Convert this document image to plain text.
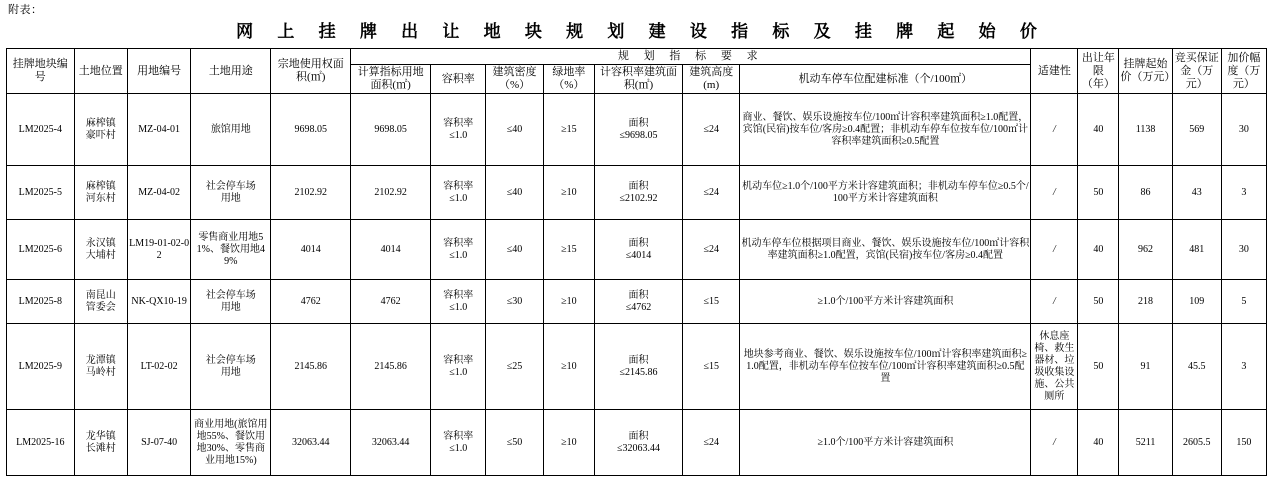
附表：
网 上 挂 牌 出 让 地 块 规 划 建 设 指 标 及 挂 牌 起 始 价
挂牌地块编号	土地位置	用地编号	土地用途	宗地使用权面积(㎡)	规 划 指 标 要 求							适建性	出让年限（年）	挂牌起始价（万元）	竞买保证金（万元）	加价幅度（万元）
					计算指标用地面积(㎡)	容积率	建筑密度（%）	绿地率（%）	计容积率建筑面积(㎡)	建筑高度(m)	机动车停车位配建标准（个/100㎡）					
LM2025-4	麻榨镇
豪吓村	MZ-04-01	旅馆用地	9698.05	9698.05	容积率
≤1.0	≤40	≥15	面积
≤9698.05	≤24	商业、餐饮、娱乐设施按车位/100㎡计容积率建筑面积≥1.0配置，宾馆(民宿)按车位/客房≥0.4配置；非机动车停车位按车位/100㎡计容积率建筑面积≥0.5配置	/	40	1138	569	30
LM2025-5	麻榨镇
河东村	MZ-04-02	社会停车场
用地	2102.92	2102.92	容积率
≤1.0	≤40	≥10	面积
≤2102.92	≤24	机动车位≥1.0个/100平方米计容建筑面积；非机动车停车位≥0.5个/100平方米计容建筑面积	/	50	86	43	3
LM2025-6	永汉镇
大埔村	LM19-01-02-02	零售商业用地51%、餐饮用地49%	4014	4014	容积率
≤1.0	≤40	≥15	面积
≤4014	≤24	机动车停车位根据项目商业、餐饮、娱乐设施按车位/100㎡计容积率建筑面积≥1.0配置，宾馆(民宿)按车位/客房≥0.4配置	/	40	962	481	30
LM2025-8	南昆山
管委会	NK-QX10-19	社会停车场
用地	4762	4762	容积率
≤1.0	≤30	≥10	面积
≤4762	≤15	≥1.0个/100平方米计容建筑面积	/	50	218	109	5
LM2025-9	龙潭镇
马岭村	LT-02-02	社会停车场
用地	2145.86	2145.86	容积率
≤1.0	≤25	≥10	面积
≤2145.86	≤15	地块参考商业、餐饮、娱乐设施按车位/100㎡计容积率建筑面积≥1.0配置，非机动车停车位按车位/100㎡计容积率建筑面积≥0.5配置	休息座椅、救生器材、垃圾收集设施、公共厕所	50	91	45.5	3
LM2025-16	龙华镇
长滩村	SJ-07-40	商业用地(旅馆用地55%、餐饮用地30%、零售商业用地15%)	32063.44	32063.44	容积率
≤1.0	≤50	≥10	面积
≤32063.44	≤24	≥1.0个/100平方米计容建筑面积	/	40	5211	2605.5	150
